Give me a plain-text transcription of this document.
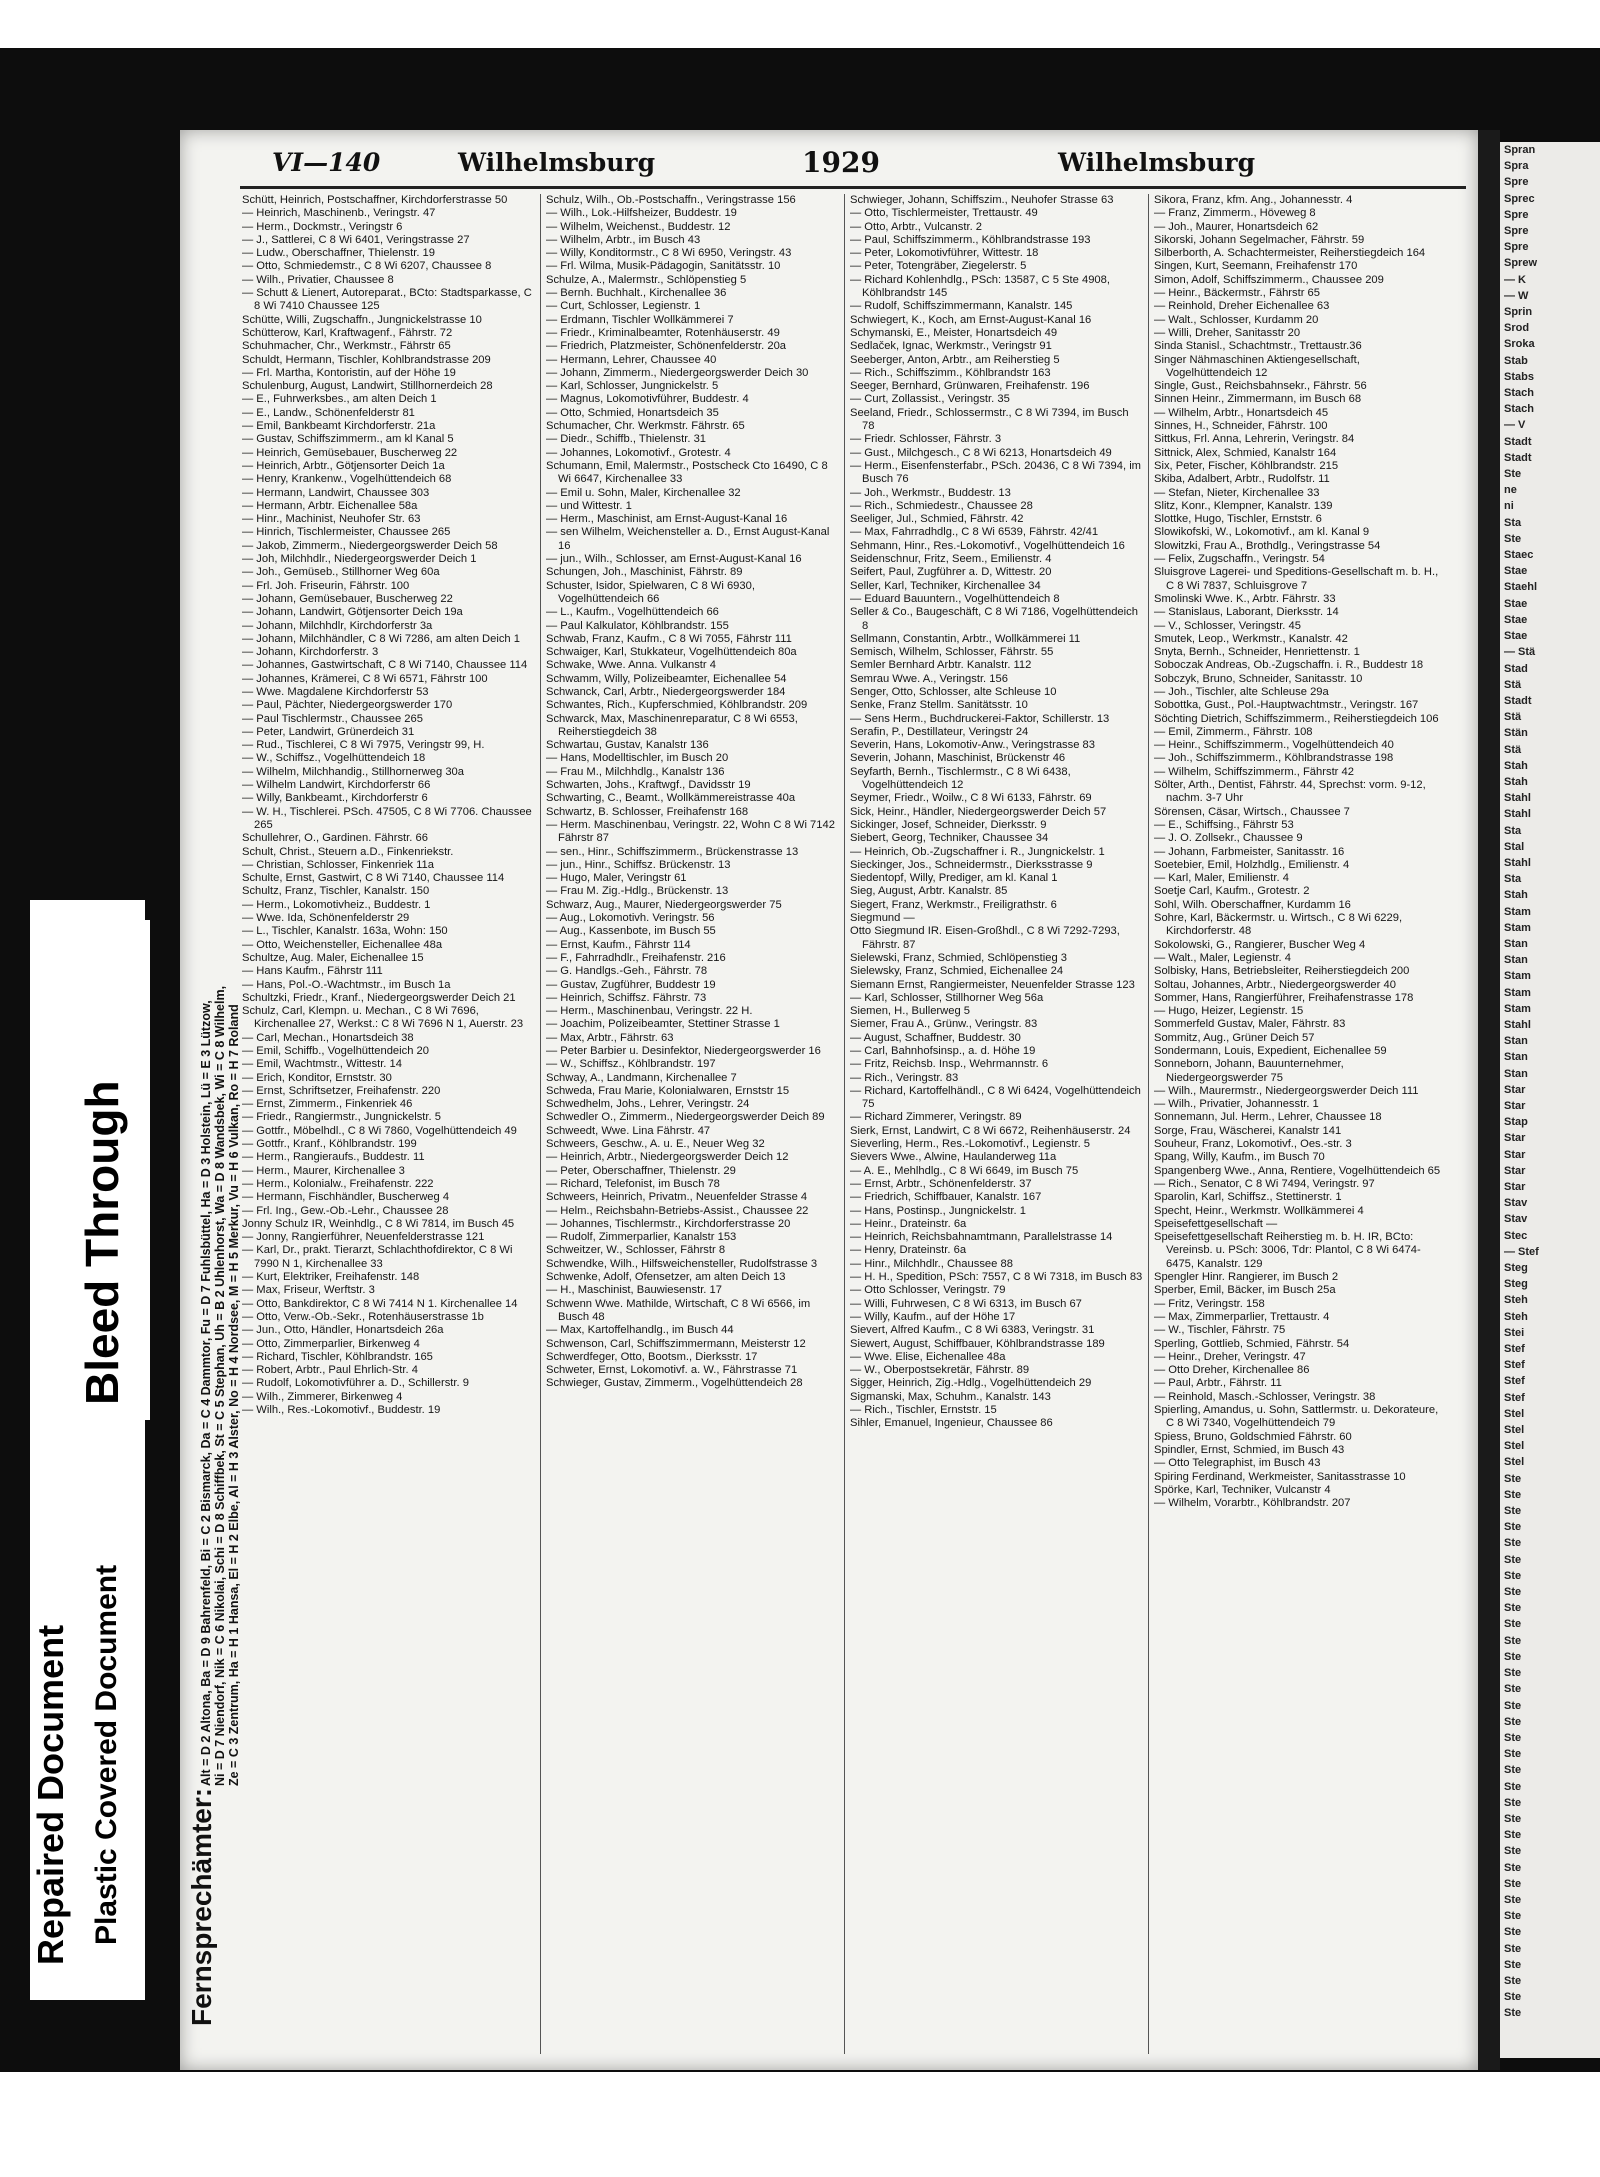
VI—140	Wilhelmsburg	1929	Wilhelmsburg
Fernsprechämter:
Alt = D 2 Altona, Ba = D 9 Bahrenfeld, Bi = C 2 Bismarck, Da = C 4 Dammtor, Fu = D 7 Fuhlsbüttel, Ha = D 3 Holstein, Lü = E 3 Lützow, Ni = D 7 Niendorf, Nik = C 6 Nikolai, Schi = D 8 Schiffbek, St = C 5 Stephan, Uh = B 2 Uhlenhorst, Wa = D 8 Wandsbek, Wi = C 8 Wilhelm, Ze = C 3 Zentrum, Ha = H 1 Hansa, El = H 2 Elbe, Al = H 3 Alster, No = H 4 Nordsee, M = H 5 Merkur, Vu = H 6 Vulkan, Ro = H 7 Roland

Schütt, Heinrich, Postschaffner, Kirchdorferstrasse 50

— Heinrich, Maschinenb., Veringstr. 47

— Herm., Dockmstr., Veringstr 6

— J., Sattlerei, C 8 Wi 6401, Veringstrasse 27

— Ludw., Oberschaffner, Thielenstr. 19

— Otto, Schmiedemstr., C 8 Wi 6207, Chaussee 8

— Wilh., Privatier, Chaussee 8

— Schutt & Lienert, Autoreparat., BCto: Stadtsparkasse, C 8 Wi 7410 Chaussee 125

Schütte, Willi, Zugschaffn., Jungnickelstrasse 10

Schütterow, Karl, Kraftwagenf., Fährstr. 72

Schuhmacher, Chr., Werkmstr., Fährstr 65

Schuldt, Hermann, Tischler, Kohlbrandstrasse 209

— Frl. Martha, Kontoristin, auf der Höhe 19

Schulenburg, August, Landwirt, Stillhornerdeich 28

— E., Fuhrwerksbes., am alten Deich 1

— E., Landw., Schönenfelderstr 81

— Emil, Bankbeamt Kirchdorferstr. 21a

— Gustav, Schiffszimmerm., am kl Kanal 5

— Heinrich, Gemüsebauer, Buscherweg 22

— Heinrich, Arbtr., Götjensorter Deich 1a

— Henry, Krankenw., Vogelhüttendeich 68

— Hermann, Landwirt, Chaussee 303

— Hermann, Arbtr. Eichenallee 58a

— Hinr., Machinist, Neuhofer Str. 63

— Hinrich, Tischlermeister, Chaussee 265

— Jakob, Zimmerm., Niedergeorgswerder Deich 58

— Joh, Milchhdlr., Niedergeorgswerder Deich 1

— Joh., Gemüseb., Stillhorner Weg 60a

— Frl. Joh. Friseurin, Fährstr. 100

— Johann, Gemüsebauer, Buscherweg 22

— Johann, Landwirt, Götjensorter Deich 19a

— Johann, Milchhdlr, Kirchdorferstr 3a

— Johann, Milchhändler, C 8 Wi 7286, am alten Deich 1

— Johann, Kirchdorferstr. 3

— Johannes, Gastwirtschaft, C 8 Wi 7140, Chaussee 114

— Johannes, Krämerei, C 8 Wi 6571, Fährstr 100

— Wwe. Magdalene Kirchdorferstr 53

— Paul, Pächter, Niedergeorgswerder 170

— Paul Tischlermstr., Chaussee 265

— Peter, Landwirt, Grünerdeich 31

— Rud., Tischlerei, C 8 Wi 7975, Veringstr 99, H.

— W., Schiffsz., Vogelhüttendeich 18

— Wilhelm, Milchhandig., Stillhornerweg 30a

— Wilhelm Landwirt, Kirchdorferstr 66

— Willy, Bankbeamt., Kirchdorferstr 6

— W. H., Tischlerei. PSch. 47505, C 8 Wi 7706. Chaussee 265

Schullehrer, O., Gardinen. Fährstr. 66

Schult, Christ., Steuern a.D., Finkenriekstr.

— Christian, Schlosser, Finkenriek 11a

Schulte, Ernst, Gastwirt, C 8 Wi 7140, Chaussee 114

Schultz, Franz, Tischler, Kanalstr. 150

— Herm., Lokomotivheiz., Buddestr. 1

— Wwe. Ida, Schönenfelderstr 29

— L., Tischler, Kanalstr. 163a, Wohn: 150

— Otto, Weichensteller, Eichenallee 48a

Schultze, Aug. Maler, Eichenallee 15

— Hans Kaufm., Fährstr 111

— Hans, Pol.-O.-Wachtmstr., im Busch 1a

Schultzki, Friedr., Kranf., Niedergeorgswerder Deich 21

Schulz, Carl, Klempn. u. Mechan., C 8 Wi 7696, Kirchenallee 27, Werkst.: C 8 Wi 7696 N 1, Auerstr. 23

— Carl, Mechan., Honartsdeich 38

— Emil, Schiffb., Vogelhüttendeich 20

— Emil, Wachtmstr., Wittestr. 14

— Erich, Konditor, Ernststr. 30

— Ernst, Schriftsetzer, Freihafenstr. 220

— Ernst, Zimmerm., Finkenriek 46

— Friedr., Rangiermstr., Jungnickelstr. 5

— Gottfr., Möbelhdl., C 8 Wi 7860, Vogelhüttendeich 49

— Gottfr., Kranf., Köhlbrandstr. 199

— Herm., Rangieraufs., Buddestr. 11

— Herm., Maurer, Kirchenallee 3

— Herm., Kolonialw., Freihafenstr. 222

— Hermann, Fischhändler, Buscherweg 4

— Frl. Ing., Gew.-Ob.-Lehr., Chaussee 28

Jonny Schulz IR, Weinhdlg., C 8 Wi 7814, im Busch 45

— Jonny, Rangierführer, Neuenfelderstrasse 121

— Karl, Dr., prakt. Tierarzt, Schlachthofdirektor, C 8 Wi 7990 N 1, Kirchenallee 33

— Kurt, Elektriker, Freihafenstr. 148

— Max, Friseur, Werftstr. 3

— Otto, Bankdirektor, C 8 Wi 7414 N 1. Kirchenallee 14

— Otto, Verw.-Ob.-Sekr., Rotenhäuserstrasse 1b

— Jun., Otto, Händler, Honartsdeich 26a

— Otto, Zimmerparlier, Birkenweg 4

— Richard, Tischler, Köhlbrandstr. 165

— Robert, Arbtr., Paul Ehrlich-Str. 4

— Rudolf, Lokomotivführer a. D., Schillerstr. 9

— Wilh., Zimmerer, Birkenweg 4

— Wilh., Res.-Lokomotivf., Buddestr. 19

Schulz, Wilh., Ob.-Postschaffn., Veringstrasse 156

— Wilh., Lok.-Hilfsheizer, Buddestr. 19

— Wilhelm, Weichenst., Buddestr. 12

— Wilhelm, Arbtr., im Busch 43

— Willy, Konditormstr., C 8 Wi 6950, Veringstr. 43

— Frl. Wilma, Musik-Pädagogin, Sanitätsstr. 10

Schulze, A., Malermstr., Schlöpenstieg 5

— Bernh. Buchhalt., Kirchenallee 36

— Curt, Schlosser, Legienstr. 1

— Erdmann, Tischler Wollkämmerei 7

— Friedr., Kriminalbeamter, Rotenhäuserstr. 49

— Friedrich, Platzmeister, Schönenfelderstr. 20a

— Hermann, Lehrer, Chaussee 40

— Johann, Zimmerm., Niedergeorgswerder Deich 30

— Karl, Schlosser, Jungnickelstr. 5

— Magnus, Lokomotivführer, Buddestr. 4

— Otto, Schmied, Honartsdeich 35

Schumacher, Chr. Werkmstr. Fährstr. 65

— Diedr., Schiffb., Thielenstr. 31

— Johannes, Lokomotivf., Grotestr. 4

Schumann, Emil, Malermstr., Postscheck Cto 16490, C 8 Wi 6647, Kirchenallee 33

— Emil u. Sohn, Maler, Kirchenallee 32

— und Wittestr. 1

— Herm., Maschinist, am Ernst-August-Kanal 16

— sen Wilhelm, Weichensteller a. D., Ernst August-Kanal 16

— jun., Wilh., Schlosser, am Ernst-August-Kanal 16

Schungen, Joh., Maschinist, Fährstr. 89

Schuster, Isidor, Spielwaren, C 8 Wi 6930, Vogelhüttendeich 66

— L., Kaufm., Vogelhüttendeich 66

— Paul Kalkulator, Köhlbrandstr. 155

Schwab, Franz, Kaufm., C 8 Wi 7055, Fährstr 111

Schwaiger, Karl, Stukkateur, Vogelhüttendeich 80a

Schwake, Wwe. Anna. Vulkanstr 4

Schwamm, Willy, Polizeibeamter, Eichenallee 54

Schwanck, Carl, Arbtr., Niedergeorgswerder 184

Schwantes, Rich., Kupferschmied, Köhlbrandstr. 209

Schwarck, Max, Maschinenreparatur, C 8 Wi 6553, Reiherstiegdeich 38

Schwartau, Gustav, Kanalstr 136

— Hans, Modelltischler, im Busch 20

— Frau M., Milchhdlg., Kanalstr 136

Schwarten, Johs., Kraftwgf., Davidsstr 19

Schwarting, C., Beamt., Wollkämmereistrasse 40a

Schwartz, B. Schlosser, Freihafenstr 168

— Herm. Maschinenbau, Veringstr. 22, Wohn C 8 Wi 7142 Fährstr 87

— sen., Hinr., Schiffszimmerm., Brückenstrasse 13

— jun., Hinr., Schiffsz. Brückenstr. 13

— Hugo, Maler, Veringstr 61

— Frau M. Zig.-Hdlg., Brückenstr. 13

Schwarz, Aug., Maurer, Niedergeorgswerder 75

— Aug., Lokomotivh. Veringstr. 56

— Aug., Kassenbote, im Busch 55

— Ernst, Kaufm., Fährstr 114

— F., Fahrradhdlr., Freihafenstr. 216

— G. Handlgs.-Geh., Fährstr. 78

— Gustav, Zugführer, Buddestr 19

— Heinrich, Schiffsz. Fährstr. 73

— Herm., Maschinenbau, Veringstr. 22 H.

— Joachim, Polizeibeamter, Stettiner Strasse 1

— Max, Arbtr., Fährstr. 63

— Peter Barbier u. Desinfektor, Niedergeorgswerder 16

— W., Schiffsz., Köhlbrandstr. 197

Schway, A., Landmann, Kirchenallee 7

Schweda, Frau Marie, Kolonialwaren, Ernststr 15

Schwedhelm, Johs., Lehrer, Veringstr. 24

Schwedler O., Zimmerm., Niedergeorgswerder Deich 89

Schweedt, Wwe. Lina Fährstr. 47

Schweers, Geschw., A. u. E., Neuer Weg 32

— Heinrich, Arbtr., Niedergeorgswerder Deich 12

— Peter, Oberschaffner, Thielenstr. 29

— Richard, Telefonist, im Busch 78

Schweers, Heinrich, Privatm., Neuenfelder Strasse 4

— Helm., Reichsbahn-Betriebs-Assist., Chaussee 22

— Johannes, Tischlermstr., Kirchdorferstrasse 20

— Rudolf, Zimmerparlier, Kanalstr 153

Schweitzer, W., Schlosser, Fährstr 8

Schwendke, Wilh., Hilfsweichensteller, Rudolfstrasse 3

Schwenke, Adolf, Ofensetzer, am alten Deich 13

— H., Maschinist, Bauwiesenstr. 17

Schwenn Wwe. Mathilde, Wirtschaft, C 8 Wi 6566, im Busch 48

— Max, Kartoffelhandlg., im Busch 44

Schwenson, Carl, Schiffszimmermann, Meisterstr 12

Schwerdfeger, Otto, Bootsm., Dierksstr. 17

Schweter, Ernst, Lokomotivf. a. W., Fährstrasse 71

Schwieger, Gustav, Zimmerm., Vogelhüttendeich 28

Schwieger, Johann, Schiffszim., Neuhofer Strasse 63

— Otto, Tischlermeister, Trettaustr. 49

— Otto, Arbtr., Vulcanstr. 2

— Paul, Schiffszimmerm., Köhlbrandstrasse 193

— Peter, Lokomotivführer, Wittestr. 18

— Peter, Totengräber, Ziegelerstr. 5

— Richard Kohlenhdlg., PSch: 13587, C 5 Ste 4908, Köhlbrandstr 145

— Rudolf, Schiffszimmermann, Kanalstr. 145

Schwiegert, K., Koch, am Ernst-August-Kanal 16

Schymanski, E., Meister, Honartsdeich 49

Sedlaček, Ignac, Werkmstr., Veringstr 91

Seeberger, Anton, Arbtr., am Reiherstieg 5

— Rich., Schiffszimm., Köhlbrandstr 163

Seeger, Bernhard, Grünwaren, Freihafenstr. 196

— Curt, Zollassist., Veringstr. 35

Seeland, Friedr., Schlossermstr., C 8 Wi 7394, im Busch 78

— Friedr. Schlosser, Fährstr. 3

— Gust., Milchgesch., C 8 Wi 6213, Honartsdeich 49

— Herm., Eisenfensterfabr., PSch. 20436, C 8 Wi 7394, im Busch 76

— Joh., Werkmstr., Buddestr. 13

— Rich., Schmiedestr., Chaussee 28

Seeliger, Jul., Schmied, Fährstr. 42

— Max, Fahrradhdlg., C 8 Wi 6539, Fährstr. 42/41

Sehmann, Hinr., Res.-Lokomotivf., Vogelhüttendeich 16

Seidenschnur, Fritz, Seem., Emilienstr. 4

Seifert, Paul, Zugführer a. D, Wittestr. 20

Seller, Karl, Techniker, Kirchenallee 34

— Eduard Bauuntern., Vogelhüttendeich 8

Seller & Co., Baugeschäft, C 8 Wi 7186, Vogelhüttendeich 8

Sellmann, Constantin, Arbtr., Wollkämmerei 11

Semisch, Wilhelm, Schlosser, Fährstr. 55

Semler Bernhard Arbtr. Kanalstr. 112

Semrau Wwe. A., Veringstr. 156

Senger, Otto, Schlosser, alte Schleuse 10

Senke, Franz Stellm. Sanitätsstr. 10

— Sens Herm., Buchdruckerei-Faktor, Schillerstr. 13

Serafin, P., Destillateur, Veringstr 24

Severin, Hans, Lokomotiv-Anw., Veringstrasse 83

Severin, Johann, Maschinist, Brückenstr 46

Seyfarth, Bernh., Tischlermstr., C 8 Wi 6438, Vogelhüttendeich 12

Seymer, Friedr., Woilw., C 8 Wi 6133, Fährstr. 69

Sick, Heinr., Händler, Niedergeorgswerder Deich 57

Sickinger, Josef, Schneider, Dierksstr. 9

Siebert, Georg, Techniker, Chaussee 34

— Heinrich, Ob.-Zugschaffner i. R., Jungnickelstr. 1

Sieckinger, Jos., Schneidermstr., Dierksstrasse 9

Siedentopf, Willy, Prediger, am kl. Kanal 1

Sieg, August, Arbtr. Kanalstr. 85

Siegert, Franz, Werkmstr., Freiligrathstr. 6

Siegmund —

Otto Siegmund IR. Eisen-Großhdl., C 8 Wi 7292-7293, Fährstr. 87

Sielewski, Franz, Schmied, Schlöpenstieg 3

Sielewsky, Franz, Schmied, Eichenallee 24

Siemann Ernst, Rangiermeister, Neuenfelder Strasse 123

— Karl, Schlosser, Stillhorner Weg 56a

Siemen, H., Bullerweg 5

Siemer, Frau A., Grünw., Veringstr. 83

— August, Schaffner, Buddestr. 30

— Carl, Bahnhofsinsp., a. d. Höhe 19

— Fritz, Reichsb. Insp., Wehrmannstr. 6

— Rich., Veringstr. 83

— Richard, Kartoffelhändl., C 8 Wi 6424, Vogelhüttendeich 75

— Richard Zimmerer, Veringstr. 89

Sierk, Ernst, Landwirt, C 8 Wi 6672, Reihenhäuserstr. 24

Sieverling, Herm., Res.-Lokomotivf., Legienstr. 5

Sievers Wwe., Alwine, Haulanderweg 11a

— A. E., Mehlhdlg., C 8 Wi 6649, im Busch 75

— Ernst, Arbtr., Schönenfelderstr. 37

— Friedrich, Schiffbauer, Kanalstr. 167

— Hans, Postinsp., Jungnickelstr. 1

— Heinr., Drateinstr. 6a

— Heinrich, Reichsbahnamtmann, Parallelstrasse 14

— Henry, Drateinstr. 6a

— Hinr., Milchhdlr., Chaussee 88

— H. H., Spedition, PSch: 7557, C 8 Wi 7318, im Busch 83

— Otto Schlosser, Veringstr. 79

— Willi, Fuhrwesen, C 8 Wi 6313, im Busch 67

— Willy, Kaufm., auf der Höhe 17

Sievert, Alfred Kaufm., C 8 Wi 6383, Veringstr. 31

Siewert, August, Schiffbauer, Köhlbrandstrasse 189

— Wwe. Elise, Eichenallee 48a

— W., Oberpostsekretär, Fährstr. 89

Sigger, Heinrich, Zig.-Hdlg., Vogelhüttendeich 29

Sigmanski, Max, Schuhm., Kanalstr. 143

— Rich., Tischler, Ernststr. 15

Sihler, Emanuel, Ingenieur, Chaussee 86

Sikora, Franz, kfm. Ang., Johannesstr. 4

— Franz, Zimmerm., Höveweg 8

— Joh., Maurer, Honartsdeich 62

Sikorski, Johann Segelmacher, Fährstr. 59

Silberborth, A. Schachtermeister, Reiherstiegdeich 164

Singen, Kurt, Seemann, Freihafenstr 170

Simon, Adolf, Schiffszimmerm., Chaussee 209

— Heinr., Bäckermstr., Fährstr 65

— Reinhold, Dreher Eichenallee 63

— Walt., Schlosser, Kurdamm 20

— Willi, Dreher, Sanitasstr 20

Sinda Stanisl., Schachtmstr., Trettaustr.36

Singer Nähmaschinen Aktiengesellschaft, Vogelhüttendeich 12

Single, Gust., Reichsbahnsekr., Fährstr. 56

Sinnen Heinr., Zimmermann, im Busch 68

— Wilhelm, Arbtr., Honartsdeich 45

Sinnes, H., Schneider, Fährstr. 100

Sittkus, Frl. Anna, Lehrerin, Veringstr. 84

Sittnick, Alex, Schmied, Kanalstr 164

Six, Peter, Fischer, Köhlbrandstr. 215

Skiba, Adalbert, Arbtr., Rudolfstr. 11

— Stefan, Nieter, Kirchenallee 33

Slitz, Konr., Klempner, Kanalstr. 139

Slottke, Hugo, Tischler, Ernststr. 6

Slowikofski, W., Lokomotivf., am kl. Kanal 9

Slowitzki, Frau A., Brothdlg., Veringstrasse 54

— Felix, Zugschaffn., Veringstr. 54

Sluisgrove Lagerei- und Speditions-Gesellschaft m. b. H., C 8 Wi 7837, Schluisgrove 7

Smolinski Wwe. K., Arbtr. Fährstr. 33

— Stanislaus, Laborant, Dierksstr. 14

— V., Schlosser, Veringstr. 45

Smutek, Leop., Werkmstr., Kanalstr. 42

Snyta, Bernh., Schneider, Henriettenstr. 1

Soboczak Andreas, Ob.-Zugschaffn. i. R., Buddestr 18

Sobczyk, Bruno, Schneider, Sanitasstr. 10

— Joh., Tischler, alte Schleuse 29a

Sobottka, Gust., Pol.-Hauptwachtmstr., Veringstr. 167

Söchting Dietrich, Schiffszimmerm., Reiherstiegdeich 106

— Emil, Zimmerm., Fährstr. 108

— Heinr., Schiffszimmerm., Vogelhüttendeich 40

— Joh., Schiffszimmerm., Köhlbrandstrasse 198

— Wilhelm, Schiffszimmerm., Fährstr 42

Sölter, Arth., Dentist, Fährstr. 44, Sprechst: vorm. 9-12, nachm. 3-7 Uhr

Sörensen, Cäsar, Wirtsch., Chaussee 7

— E., Schiffsing., Fährstr 53

— J. O. Zollsekr., Chaussee 9

— Johann, Farbmeister, Sanitasstr. 16

Soetebier, Emil, Holzhdlg., Emilienstr. 4

— Karl, Maler, Emilienstr. 4

Soetje Carl, Kaufm., Grotestr. 2

Sohl, Wilh. Oberschaffner, Kurdamm 16

Sohre, Karl, Bäckermstr. u. Wirtsch., C 8 Wi 6229, Kirchdorferstr. 48

Sokolowski, G., Rangierer, Buscher Weg 4

— Walt., Maler, Legienstr. 4

Solbisky, Hans, Betriebsleiter, Reiherstiegdeich 200

Soltau, Johannes, Arbtr., Niedergeorgswerder 40

Sommer, Hans, Rangierführer, Freihafenstrasse 178

— Hugo, Heizer, Legienstr. 15

Sommerfeld Gustav, Maler, Fährstr. 83

Sommitz, Aug., Grüner Deich 57

Sondermann, Louis, Expedient, Eichenallee 59

Sonneborn, Johann, Bauunternehmer, Niedergeorgswerder 75

— Wilh., Maurermstr., Niedergeorgswerder Deich 111

— Wilh., Privatier, Johannesstr. 1

Sonnemann, Jul. Herm., Lehrer, Chaussee 18

Sorge, Frau, Wäscherei, Kanalstr 141

Souheur, Franz, Lokomotivf., Oes.-str. 3

Spang, Willy, Kaufm., im Busch 70

Spangenberg Wwe., Anna, Rentiere, Vogelhüttendeich 65

— Rich., Senator, C 8 Wi 7494, Veringstr. 97

Sparolin, Karl, Schiffsz., Stettinerstr. 1

Specht, Heinr., Werkmstr. Wollkämmerei 4

Speisefettgesellschaft —

Speisefettgesellschaft Reiherstieg m. b. H. IR, BCto: Vereinsb. u. PSch: 3006, Tdr: Plantol, C 8 Wi 6474-6475, Kanalstr. 129

Spengler Hinr. Rangierer, im Busch 2

Sperber, Emil, Bäcker, im Busch 25a

— Fritz, Veringstr. 158

— Max, Zimmerparlier, Trettaustr. 4

— W., Tischler, Fährstr. 75

Sperling, Gottlieb, Schmied, Fährstr. 54

— Heinr., Dreher, Veringstr. 47

— Otto Dreher, Kirchenallee 86

— Paul, Arbtr., Fährstr. 11

— Reinhold, Masch.-Schlosser, Veringstr. 38

Spierling, Amandus, u. Sohn, Sattlermstr. u. Dekorateure, C 8 Wi 7340, Vogelhüttendeich 79

Spiess, Bruno, Goldschmied Fährstr. 60

Spindler, Ernst, Schmied, im Busch 43

— Otto Telegraphist, im Busch 43

Spiring Ferdinand, Werkmeister, Sanitasstrasse 10

Spörke, Karl, Techniker, Vulcanstr 4

— Wilhelm, Vorarbtr., Köhlbrandstr. 207

Spran
Spra
Spre
Sprec
Spre
Spre
Spre
Sprew
— K
— W
Sprin
Srod
Sroka
Stab
Stabs
Stach
Stach
— V
Stadt
Stadt
Ste
ne
ni
Sta
Ste
Staec
Stae
Staehl
Stae
Stae
Stae
— Stä
Stad
Stä
Stadt
Stä
Stän
Stä
Stah
Stah
Stahl
Stahl
Sta
Stal
Stahl
Sta
Stah
Stam
Stam
Stan
Stan
Stam
Stam
Stam
Stahl
Stan
Stan
Stan
Star
Star
Stap
Star
Star
Star
Star
Stav
Stav
Stec
— Stef
Steg
Steg
Steh
Steh
Stei
Stef
Stef
Stef
Stef
Stel
Stel
Stel
Stel
Ste
Ste
Ste
Ste
Ste
Ste
Ste
Ste
Ste
Ste
Ste
Ste
Ste
Ste
Ste
Ste
Ste
Ste
Ste
Ste
Ste
Ste
Ste
Ste
Ste
Ste
Ste
Ste
Ste
Ste
Ste
Ste
Ste
Ste
Bleed Through
Repaired Document Plastic Covered Document
